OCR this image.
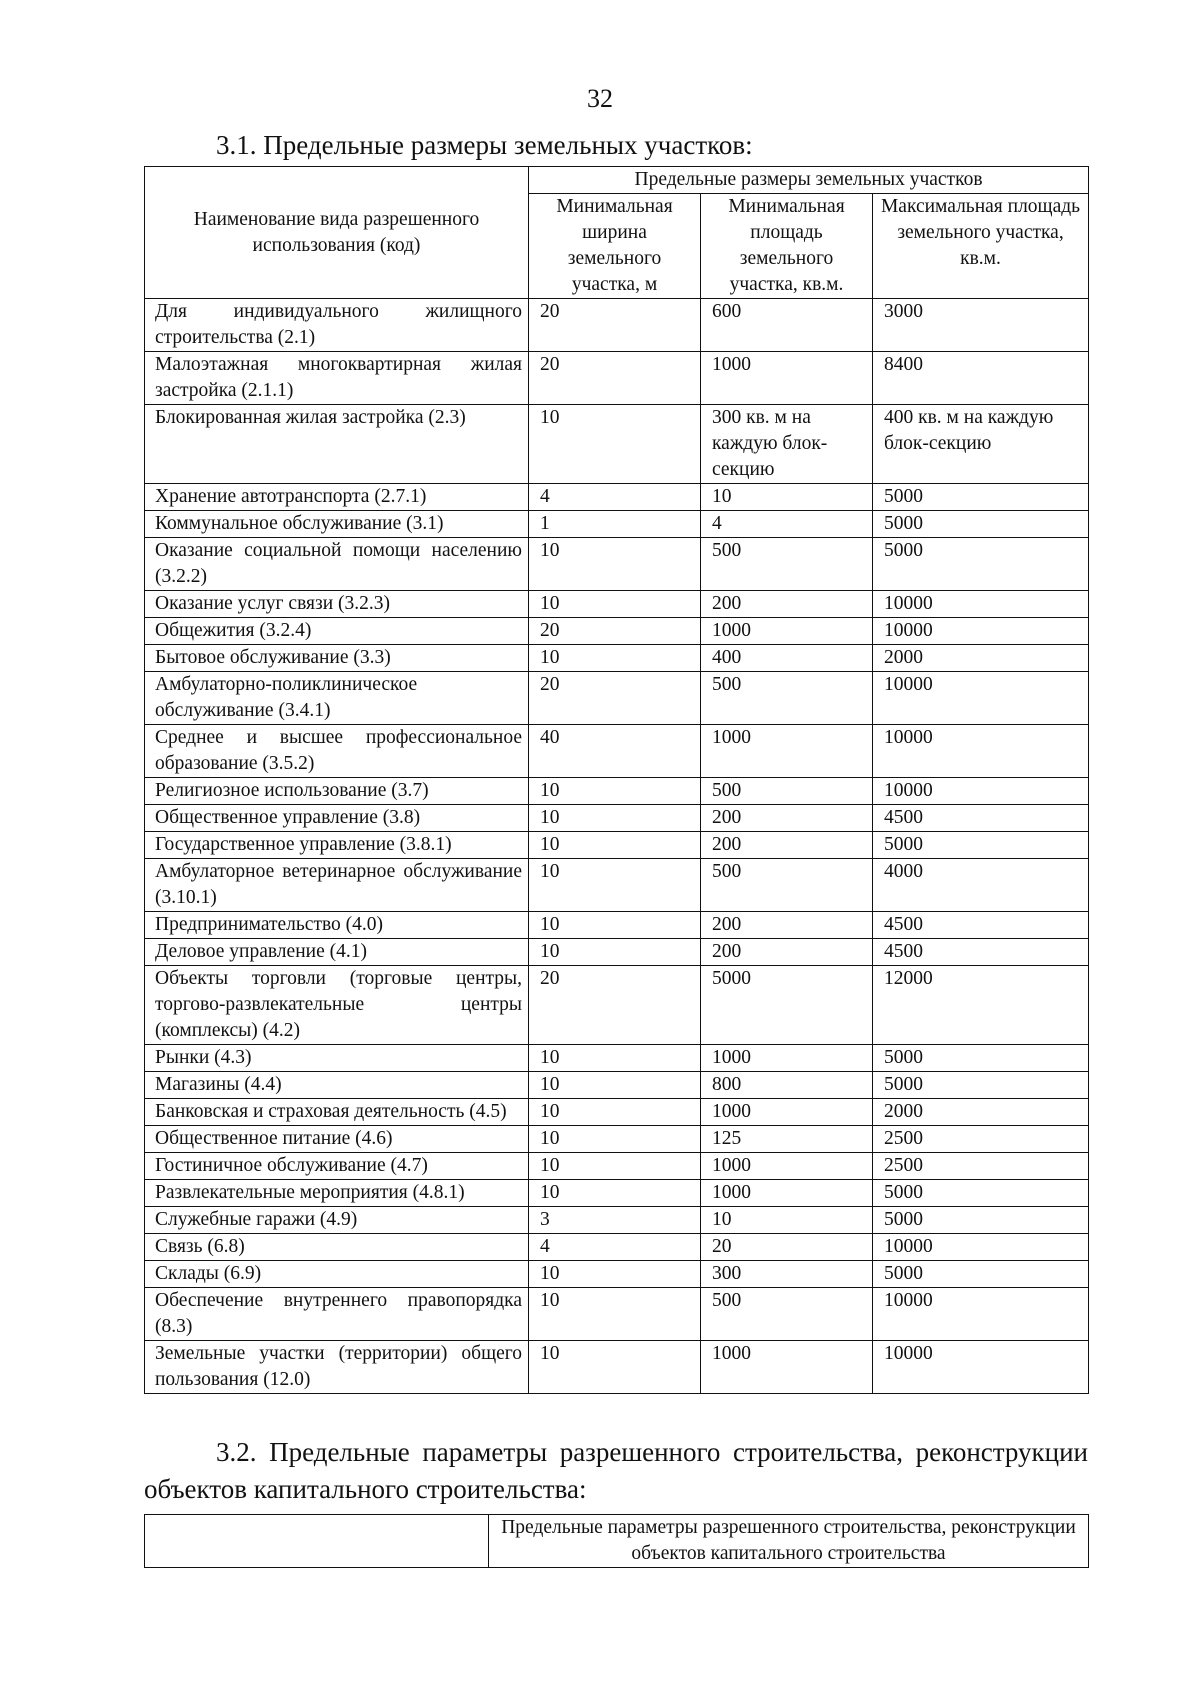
32
3.1. Предельные размеры земельных участков:
Наименование вида разрешенного использования (код)	Предельные размеры земельных участков		
	Минимальная ширина земельного участка, м	Минимальная площадь земельного участка, кв.м.	Максимальная площадь земельного участка, кв.м.
Для индивидуального жилищного строительства (2.1)	20	600	3000
Малоэтажная многоквартирная жилая застройка (2.1.1)	20	1000	8400
Блокированная жилая застройка (2.3)	10	300 кв. м на каждую блок-секцию	400 кв. м на каждую блок-секцию
Хранение автотранспорта (2.7.1)	4	10	5000
Коммунальное обслуживание (3.1)	1	4	5000
Оказание социальной помощи населению (3.2.2)	10	500	5000
Оказание услуг связи (3.2.3)	10	200	10000
Общежития (3.2.4)	20	1000	10000
Бытовое обслуживание (3.3)	10	400	2000
Амбулаторно-поликлиническое обслуживание (3.4.1)	20	500	10000
Среднее и высшее профессиональное образование (3.5.2)	40	1000	10000
Религиозное использование (3.7)	10	500	10000
Общественное управление (3.8)	10	200	4500
Государственное управление (3.8.1)	10	200	5000
Амбулаторное ветеринарное обслуживание (3.10.1)	10	500	4000
Предпринимательство (4.0)	10	200	4500
Деловое управление (4.1)	10	200	4500
Объекты торговли (торговые центры, торгово-развлекательные центры (комплексы) (4.2)	20	5000	12000
Рынки (4.3)	10	1000	5000
Магазины (4.4)	10	800	5000
Банковская и страховая деятельность (4.5)	10	1000	2000
Общественное питание (4.6)	10	125	2500
Гостиничное обслуживание (4.7)	10	1000	2500
Развлекательные мероприятия (4.8.1)	10	1000	5000
Служебные гаражи (4.9)	3	10	5000
Связь (6.8)	4	20	10000
Склады (6.9)	10	300	5000
Обеспечение внутреннего правопорядка (8.3)	10	500	10000
Земельные участки (территории) общего пользования (12.0)	10	1000	10000
3.2. Предельные параметры разрешенного строительства, реконструкции объектов капитального строительства:
	Предельные параметры разрешенного строительства, реконструкции объектов капитального строительства
